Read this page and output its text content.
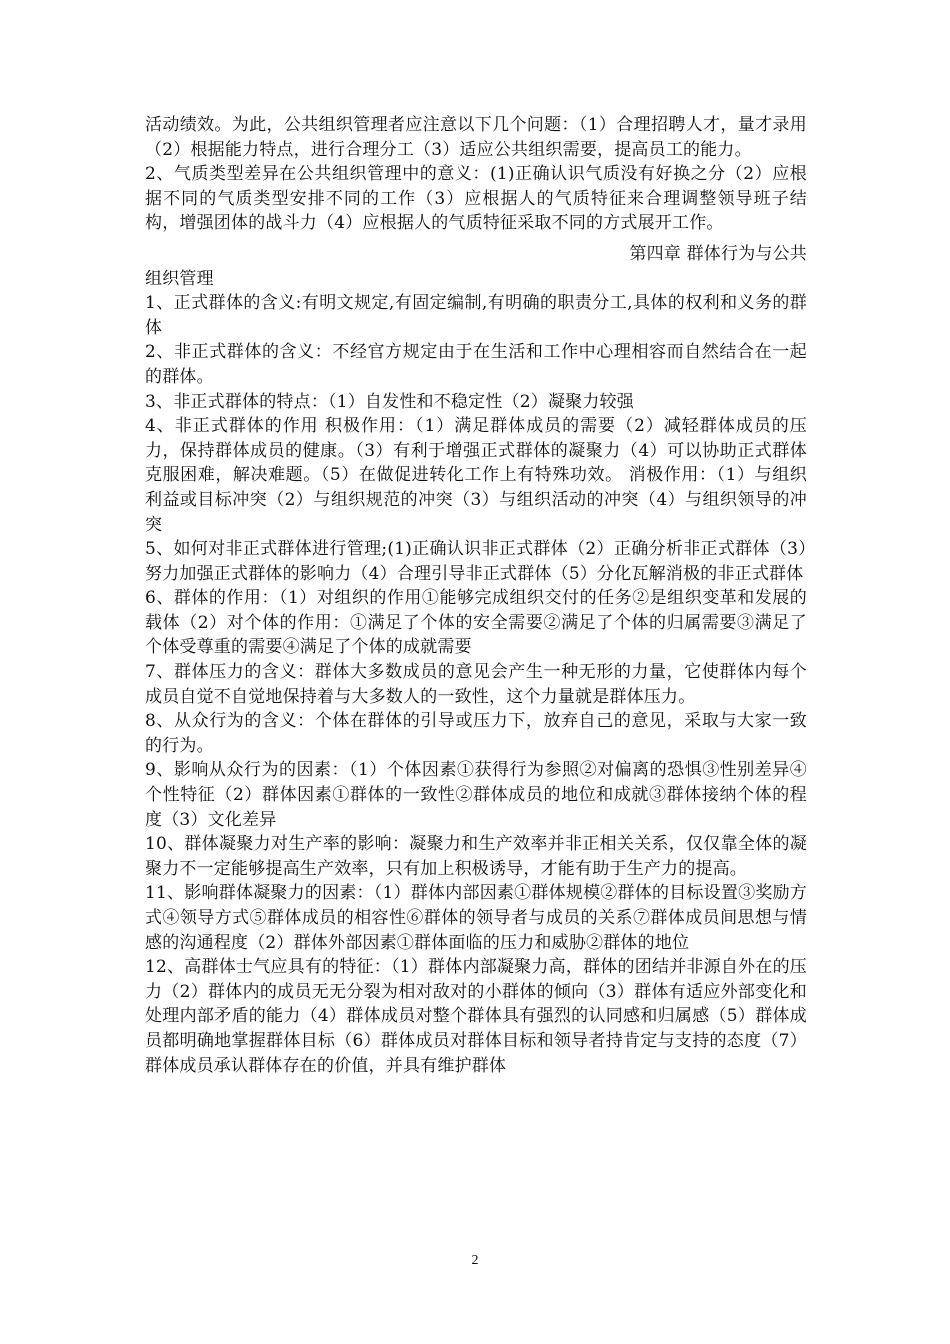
活动绩效。为此，公共组织管理者应注意以下几个问题：（1）合理招聘人才，量才录用（2）根据能力特点，进行合理分工（3）适应公共组织需要，提高员工的能力。

2、气质类型差异在公共组织管理中的意义：(1)正确认识气质没有好换之分（2）应根据不同的气质类型安排不同的工作（3）应根据人的气质特征来合理调整领导班子结构，增强团体的战斗力（4）应根据人的气质特征采取不同的方式展开工作。

第四章 群体行为与公共

组织管理

1、正式群体的含义:有明文规定,有固定编制,有明确的职责分工,具体的权利和义务的群体

2、非正式群体的含义：不经官方规定由于在生活和工作中心理相容而自然结合在一起的群体。

3、非正式群体的特点：（1）自发性和不稳定性（2）凝聚力较强

4、非正式群体的作用 积极作用：（1）满足群体成员的需要（2）减轻群体成员的压力，保持群体成员的健康。（3）有利于增强正式群体的凝聚力（4）可以协助正式群体克服困难，解决难题。（5）在做促进转化工作上有特殊功效。 消极作用：（1）与组织利益或目标冲突（2）与组织规范的冲突（3）与组织活动的冲突（4）与组织领导的冲突

5、如何对非正式群体进行管理;(1)正确认识非正式群体（2）正确分析非正式群体（3）努力加强正式群体的影响力（4）合理引导非正式群体（5）分化瓦解消极的非正式群体

6、群体的作用：（1）对组织的作用①能够完成组织交付的任务②是组织变革和发展的载体（2）对个体的作用：①满足了个体的安全需要②满足了个体的归属需要③满足了个体受尊重的需要④满足了个体的成就需要

7、群体压力的含义：群体大多数成员的意见会产生一种无形的力量，它使群体内每个成员自觉不自觉地保持着与大多数人的一致性，这个力量就是群体压力。

8、从众行为的含义：个体在群体的引导或压力下，放弃自己的意见，采取与大家一致的行为。

9、影响从众行为的因素：（1）个体因素①获得行为参照②对偏离的恐惧③性别差异④个性特征（2）群体因素①群体的一致性②群体成员的地位和成就③群体接纳个体的程度（3）文化差异

10、群体凝聚力对生产率的影响：凝聚力和生产效率并非正相关关系，仅仅靠全体的凝聚力不一定能够提高生产效率，只有加上积极诱导，才能有助于生产力的提高。

11、影响群体凝聚力的因素：（1）群体内部因素①群体规模②群体的目标设置③奖励方式④领导方式⑤群体成员的相容性⑥群体的领导者与成员的关系⑦群体成员间思想与情感的沟通程度（2）群体外部因素①群体面临的压力和威胁②群体的地位

12、高群体士气应具有的特征：（1）群体内部凝聚力高，群体的团结并非源自外在的压力（2）群体内的成员无无分裂为相对敌对的小群体的倾向（3）群体有适应外部变化和处理内部矛盾的能力（4）群体成员对整个群体具有强烈的认同感和归属感（5）群体成员都明确地掌握群体目标（6）群体成员对群体目标和领导者持肯定与支持的态度（7）群体成员承认群体存在的价值，并具有维护群体

2
